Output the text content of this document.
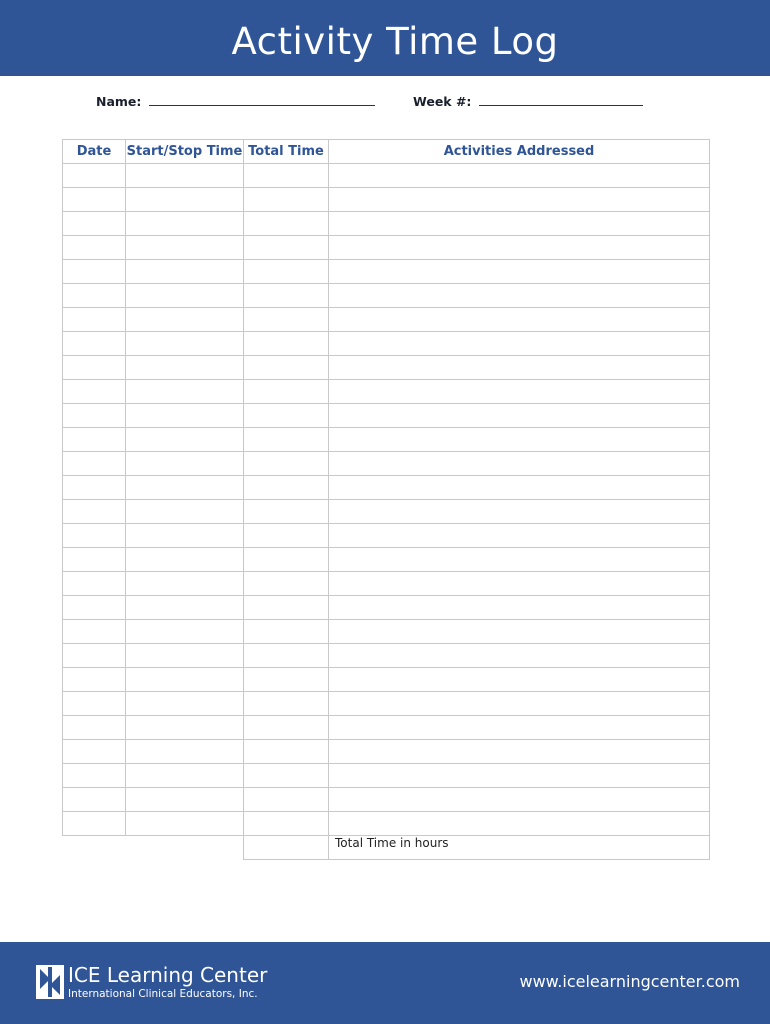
Activity Time Log
Name:	Week #:
Date	Start/Stop Time	Total Time	Activities Addressed

			Total Time in hours
ICE Learning Center
International Clinical Educators, Inc.
www.icelearningcenter.com
